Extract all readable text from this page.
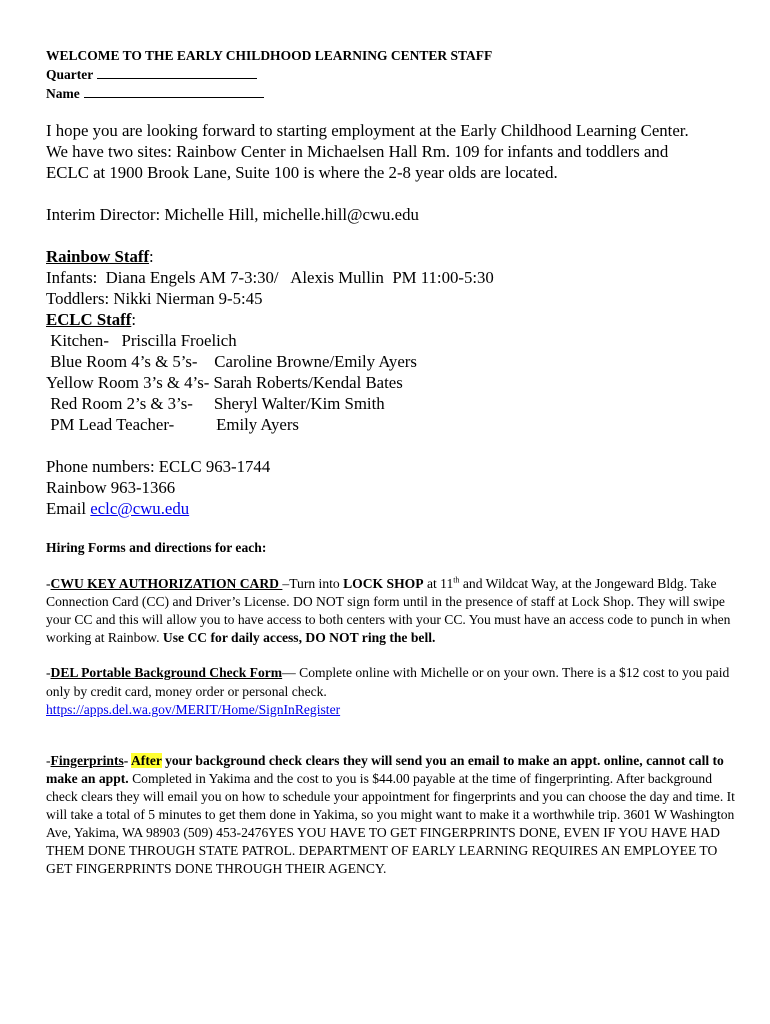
WELCOME TO THE EARLY CHILDHOOD LEARNING CENTER STAFF
Quarter
Name
I hope you are looking forward to starting employment at the Early Childhood Learning Center.
We have two sites: Rainbow Center in Michaelsen Hall Rm. 109 for infants and toddlers and
ECLC at 1900 Brook Lane, Suite 100 is where the 2-8 year olds are located.
Interim Director: Michelle Hill, michelle.hill@cwu.edu
Rainbow Staff:
Infants:  Diana Engels AM 7-3:30/   Alexis Mullin  PM 11:00-5:30
Toddlers: Nikki Nierman 9-5:45
ECLC Staff:
Kitchen-   Priscilla Froelich
Blue Room 4’s & 5’s-    Caroline Browne/Emily Ayers
Yellow Room 3’s & 4’s- Sarah Roberts/Kendal Bates
Red Room 2’s & 3’s-     Sheryl Walter/Kim Smith
PM Lead Teacher-          Emily Ayers
Phone numbers: ECLC 963-1744
Rainbow 963-1366
Email eclc@cwu.edu
Hiring Forms and directions for each:
-CWU KEY AUTHORIZATION CARD –Turn into LOCK SHOP at 11th and Wildcat Way, at the Jongeward Bldg. Take Connection Card (CC) and Driver’s License. DO NOT sign form until in the presence of staff at Lock Shop. They will swipe your CC and this will allow you to have access to both centers with your CC. You must have an access code to punch in when working at Rainbow. Use CC for daily access, DO NOT ring the bell.
-DEL Portable Background Check Form— Complete online with Michelle or on your own. There is a $12 cost to you paid only by credit card, money order or personal check.
https://apps.del.wa.gov/MERIT/Home/SignInRegister
-Fingerprints- After your background check clears they will send you an email to make an appt. online, cannot call to make an appt. Completed in Yakima and the cost to you is $44.00 payable at the time of fingerprinting. After background check clears they will email you on how to schedule your appointment for fingerprints and you can choose the day and time. It will take a total of 5 minutes to get them done in Yakima, so you might want to make it a worthwhile trip. 3601 W Washington Ave, Yakima, WA 98903 (509) 453-2476YES YOU HAVE TO GET FINGERPRINTS DONE, EVEN IF YOU HAVE HAD THEM DONE THROUGH STATE PATROL. DEPARTMENT OF EARLY LEARNING REQUIRES AN EMPLOYEE TO GET FINGERPRINTS DONE THROUGH THEIR AGENCY.
